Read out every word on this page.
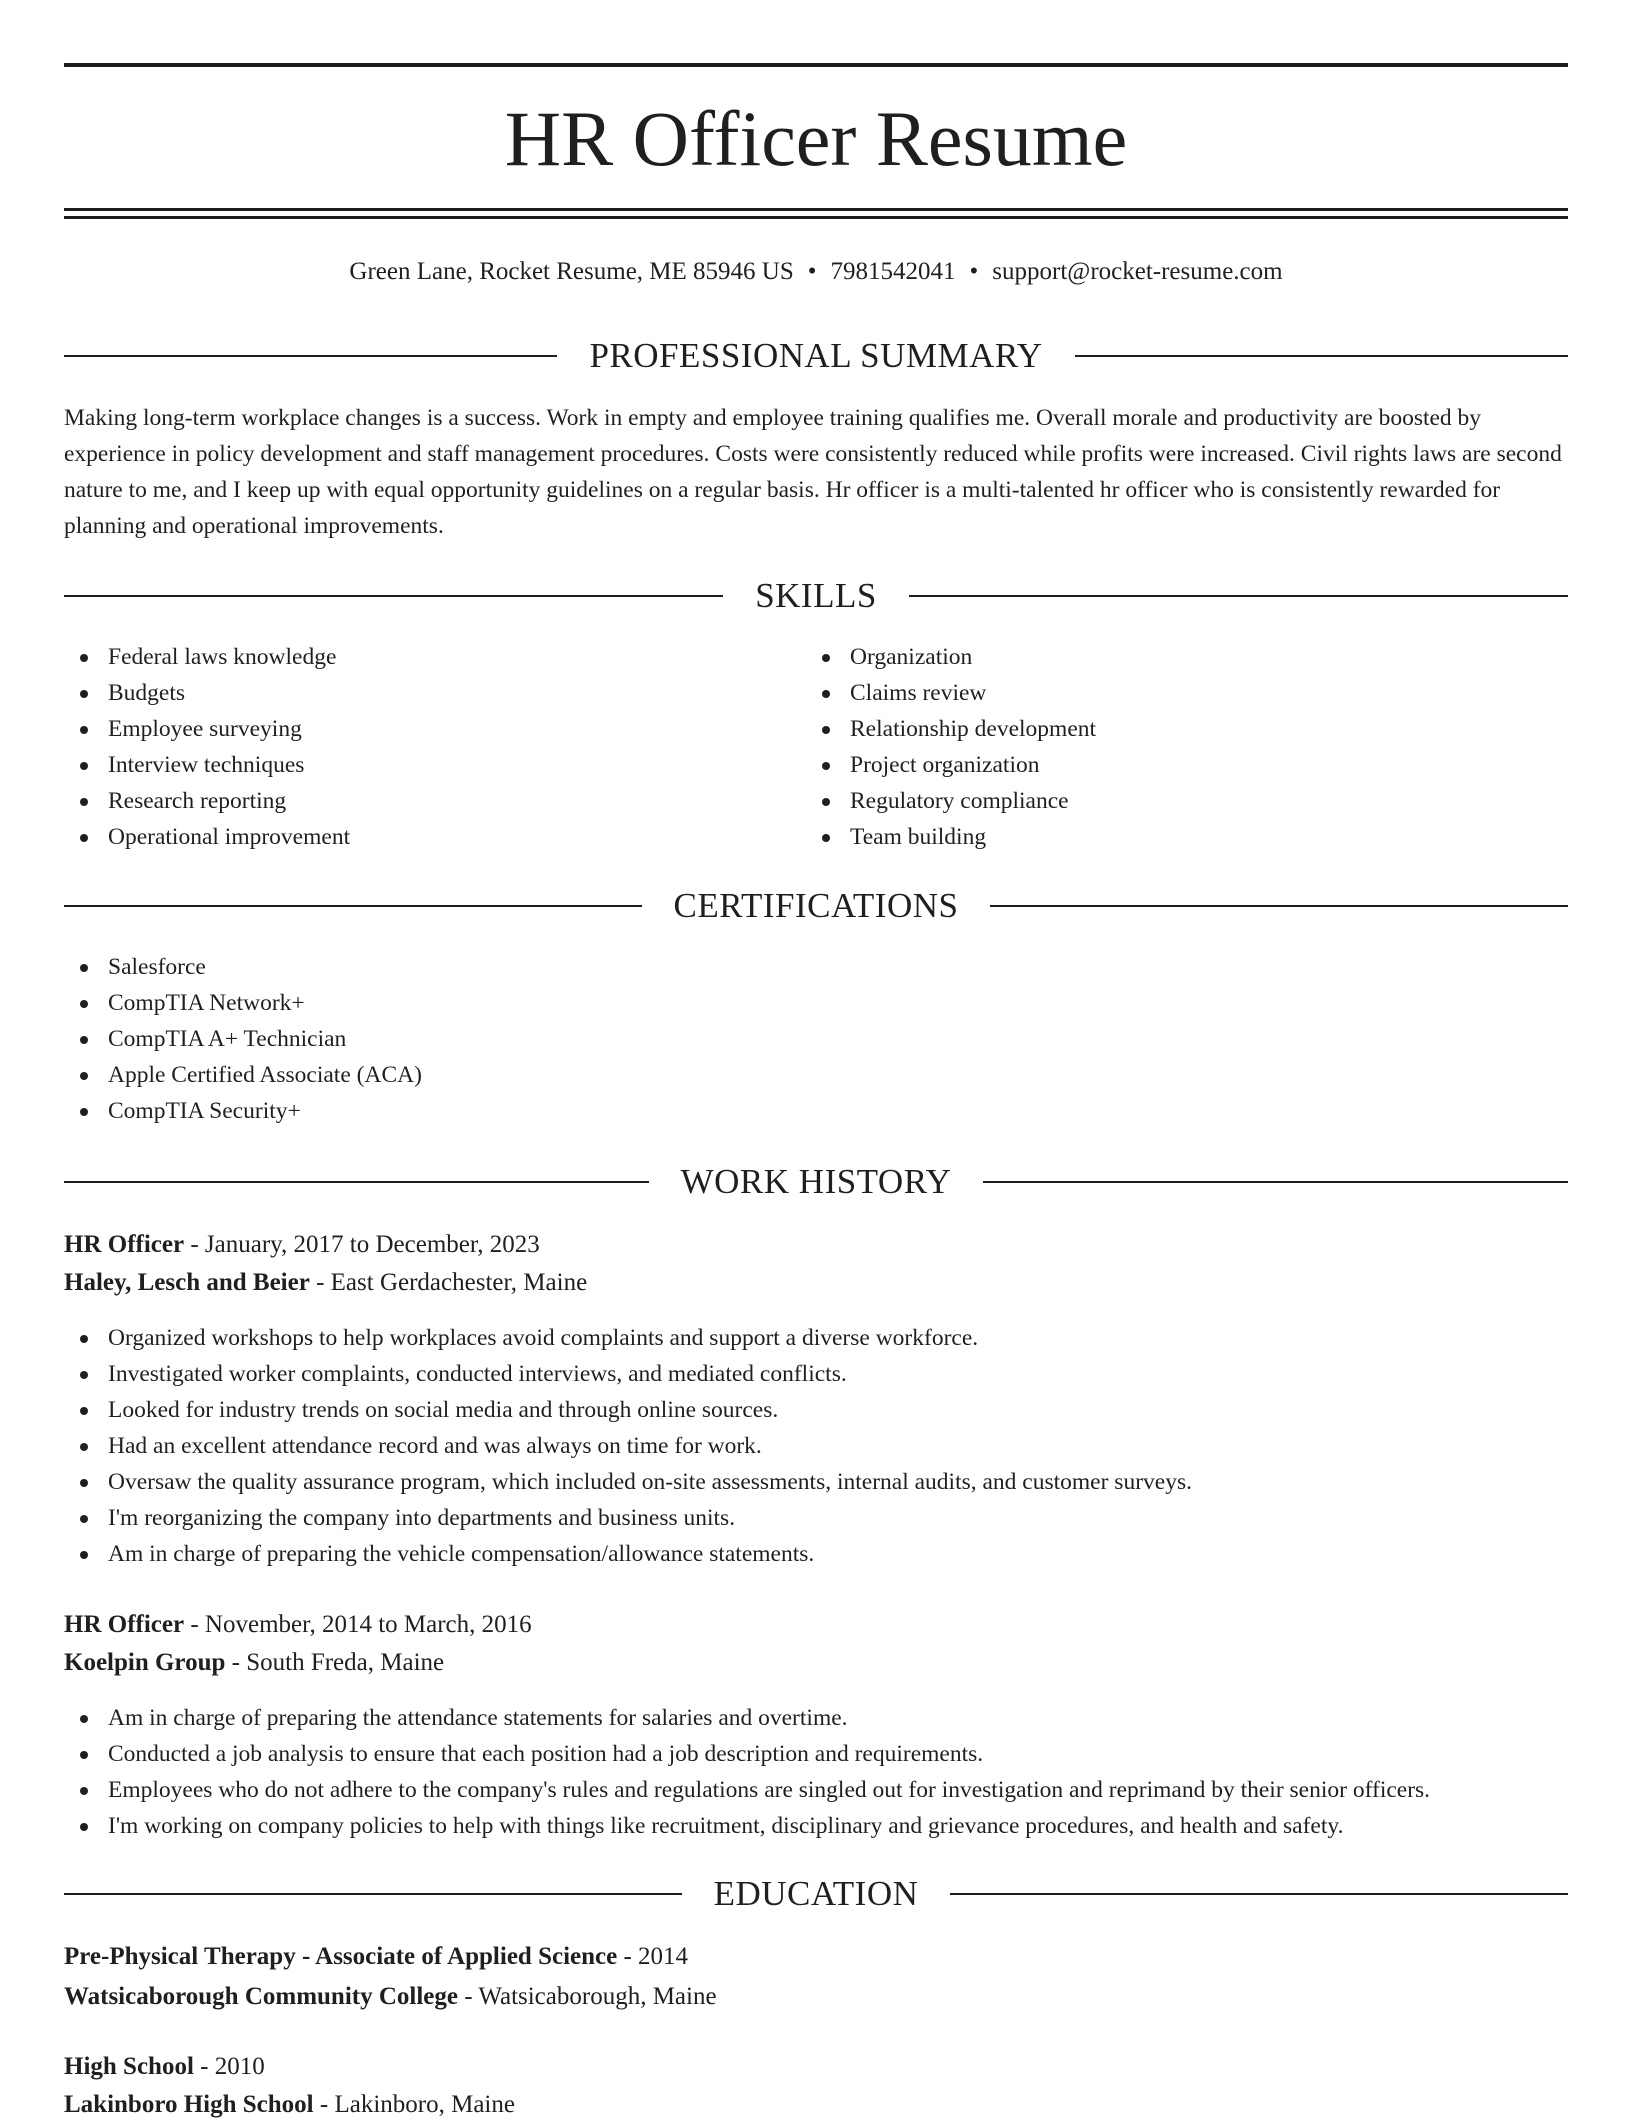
HR Officer Resume
Green Lane, Rocket Resume, ME 85946 US • 7981542041 • support@rocket-resume.com
PROFESSIONAL SUMMARY

Making long-term workplace changes is a success. Work in empty and employee training qualifies me. Overall morale and productivity are boosted by experience in policy development and staff management procedures. Costs were consistently reduced while profits were increased. Civil rights laws are second nature to me, and I keep up with equal opportunity guidelines on a regular basis. Hr officer is a multi-talented hr officer who is consistently rewarded for planning and operational improvements.

SKILLS
Federal laws knowledge
Budgets
Employee surveying
Interview techniques
Research reporting
Operational improvement
Organization
Claims review
Relationship development
Project organization
Regulatory compliance
Team building
CERTIFICATIONS
Salesforce
CompTIA Network+
CompTIA A+ Technician
Apple Certified Associate (ACA)
CompTIA Security+
WORK HISTORY
HR Officer - January, 2017 to December, 2023
Haley, Lesch and Beier - East Gerdachester, Maine
Organized workshops to help workplaces avoid complaints and support a diverse workforce.
Investigated worker complaints, conducted interviews, and mediated conflicts.
Looked for industry trends on social media and through online sources.
Had an excellent attendance record and was always on time for work.
Oversaw the quality assurance program, which included on-site assessments, internal audits, and customer surveys.
I'm reorganizing the company into departments and business units.
Am in charge of preparing the vehicle compensation/allowance statements.
HR Officer - November, 2014 to March, 2016
Koelpin Group - South Freda, Maine
Am in charge of preparing the attendance statements for salaries and overtime.
Conducted a job analysis to ensure that each position had a job description and requirements.
Employees who do not adhere to the company's rules and regulations are singled out for investigation and reprimand by their senior officers.
I'm working on company policies to help with things like recruitment, disciplinary and grievance procedures, and health and safety.
EDUCATION
Pre-Physical Therapy - Associate of Applied Science - 2014
Watsicaborough Community College - Watsicaborough, Maine
High School - 2010
Lakinboro High School - Lakinboro, Maine
